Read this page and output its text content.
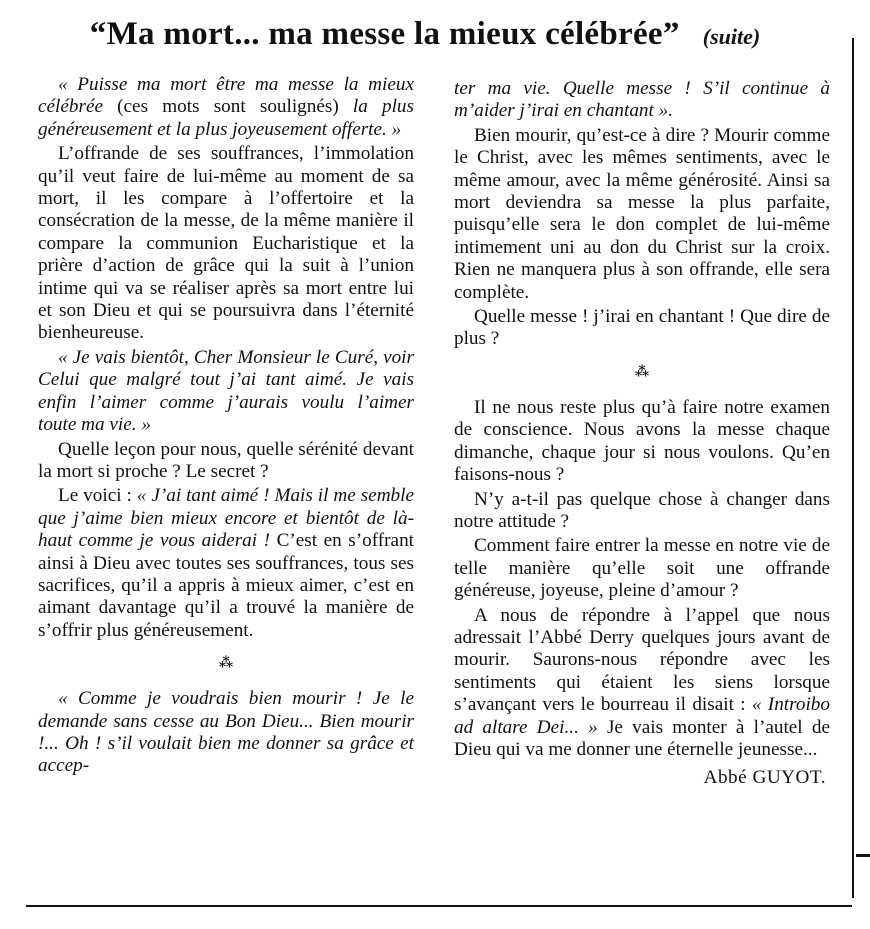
“Ma mort... ma messe la mieux célébrée” (suite)

« Puisse ma mort être ma messe la mieux célébrée (ces mots sont soulignés) la plus généreusement et la plus joyeusement offerte. »

L’offrande de ses souffrances, l’immolation qu’il veut faire de lui-même au moment de sa mort, il les compare à l’offertoire et la consécration de la messe, de la même manière il compare la communion Eucharistique et la prière d’action de grâce qui la suit à l’union intime qui va se réaliser après sa mort entre lui et son Dieu et qui se poursuivra dans l’éternité bienheureuse.

« Je vais bientôt, Cher Monsieur le Curé, voir Celui que malgré tout j’ai tant aimé. Je vais enfin l’aimer comme j’aurais voulu l’aimer toute ma vie. »

Quelle leçon pour nous, quelle sérénité devant la mort si proche ? Le secret ?

Le voici : « J’ai tant aimé ! Mais il me semble que j’aime bien mieux encore et bientôt de là-haut comme je vous aiderai ! C’est en s’offrant ainsi à Dieu avec toutes ses souffrances, tous ses sacrifices, qu’il a appris à mieux aimer, c’est en aimant davantage qu’il a trouvé la manière de s’offrir plus généreusement.

⁂

« Comme je voudrais bien mourir ! Je le demande sans cesse au Bon Dieu... Bien mourir !... Oh ! s’il voulait bien me donner sa grâce et accep-

ter ma vie. Quelle messe ! S’il continue à m’aider j’irai en chantant ».

Bien mourir, qu’est-ce à dire ? Mourir comme le Christ, avec les mêmes sentiments, avec le même amour, avec la même générosité. Ainsi sa mort deviendra sa messe la plus parfaite, puisqu’elle sera le don complet de lui-même intimement uni au don du Christ sur la croix. Rien ne manquera plus à son offrande, elle sera complète.

Quelle messe ! j’irai en chantant ! Que dire de plus ?

⁂

Il ne nous reste plus qu’à faire notre examen de conscience. Nous avons la messe chaque dimanche, chaque jour si nous voulons. Qu’en faisons-nous ?

N’y a-t-il pas quelque chose à changer dans notre attitude ?

Comment faire entrer la messe en notre vie de telle manière qu’elle soit une offrande généreuse, joyeuse, pleine d’amour ?

A nous de répondre à l’appel que nous adressait l’Abbé Derry quelques jours avant de mourir. Saurons-nous répondre avec les sentiments qui étaient les siens lorsque s’avançant vers le bourreau il disait : « Introibo ad altare Dei... » Je vais monter à l’autel de Dieu qui va me donner une éternelle jeunesse...

Abbé GUYOT.
